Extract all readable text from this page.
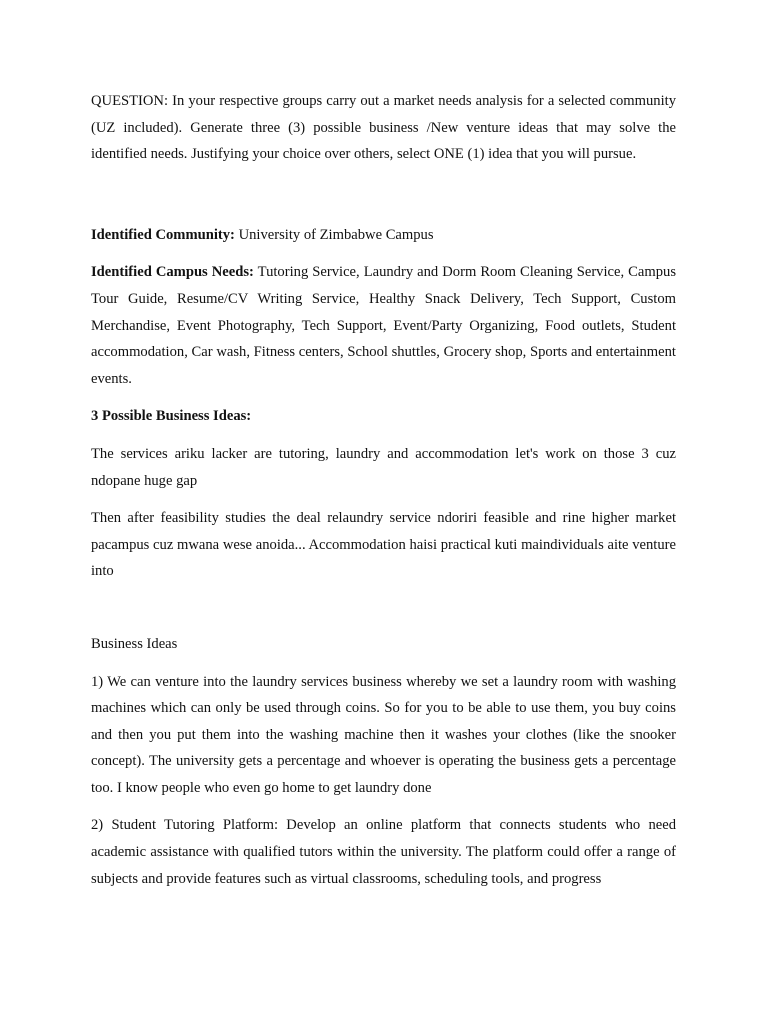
QUESTION: In your respective groups carry out a market needs analysis for a selected community (UZ included). Generate three (3) possible business /New venture ideas that may solve the identified needs. Justifying your choice over others, select ONE (1) idea that you will pursue.

Identified Community: University of Zimbabwe Campus

Identified Campus Needs: Tutoring Service, Laundry and Dorm Room Cleaning Service, Campus Tour Guide, Resume/CV Writing Service, Healthy Snack Delivery, Tech Support, Custom Merchandise, Event Photography, Tech Support, Event/Party Organizing, Food outlets, Student accommodation, Car wash, Fitness centers, School shuttles, Grocery shop, Sports and entertainment events.

3 Possible Business Ideas:

The services ariku lacker are tutoring, laundry and accommodation let's work on those 3 cuz ndopane huge gap

Then after feasibility studies the deal relaundry service ndoriri feasible and rine higher market pacampus cuz mwana wese anoida... Accommodation haisi practical kuti maindividuals aite venture into

Business Ideas

1) We can venture into the laundry services business whereby we set a laundry room with washing machines which can only be used through coins. So for you to be able to use them, you buy coins and then you put them into the washing machine then it washes your clothes (like the snooker concept). The university gets a percentage and whoever is operating the business gets a percentage too. I know people who even go home to get laundry done

2) Student Tutoring Platform: Develop an online platform that connects students who need academic assistance with qualified tutors within the university. The platform could offer a range of subjects and provide features such as virtual classrooms, scheduling tools, and progress
